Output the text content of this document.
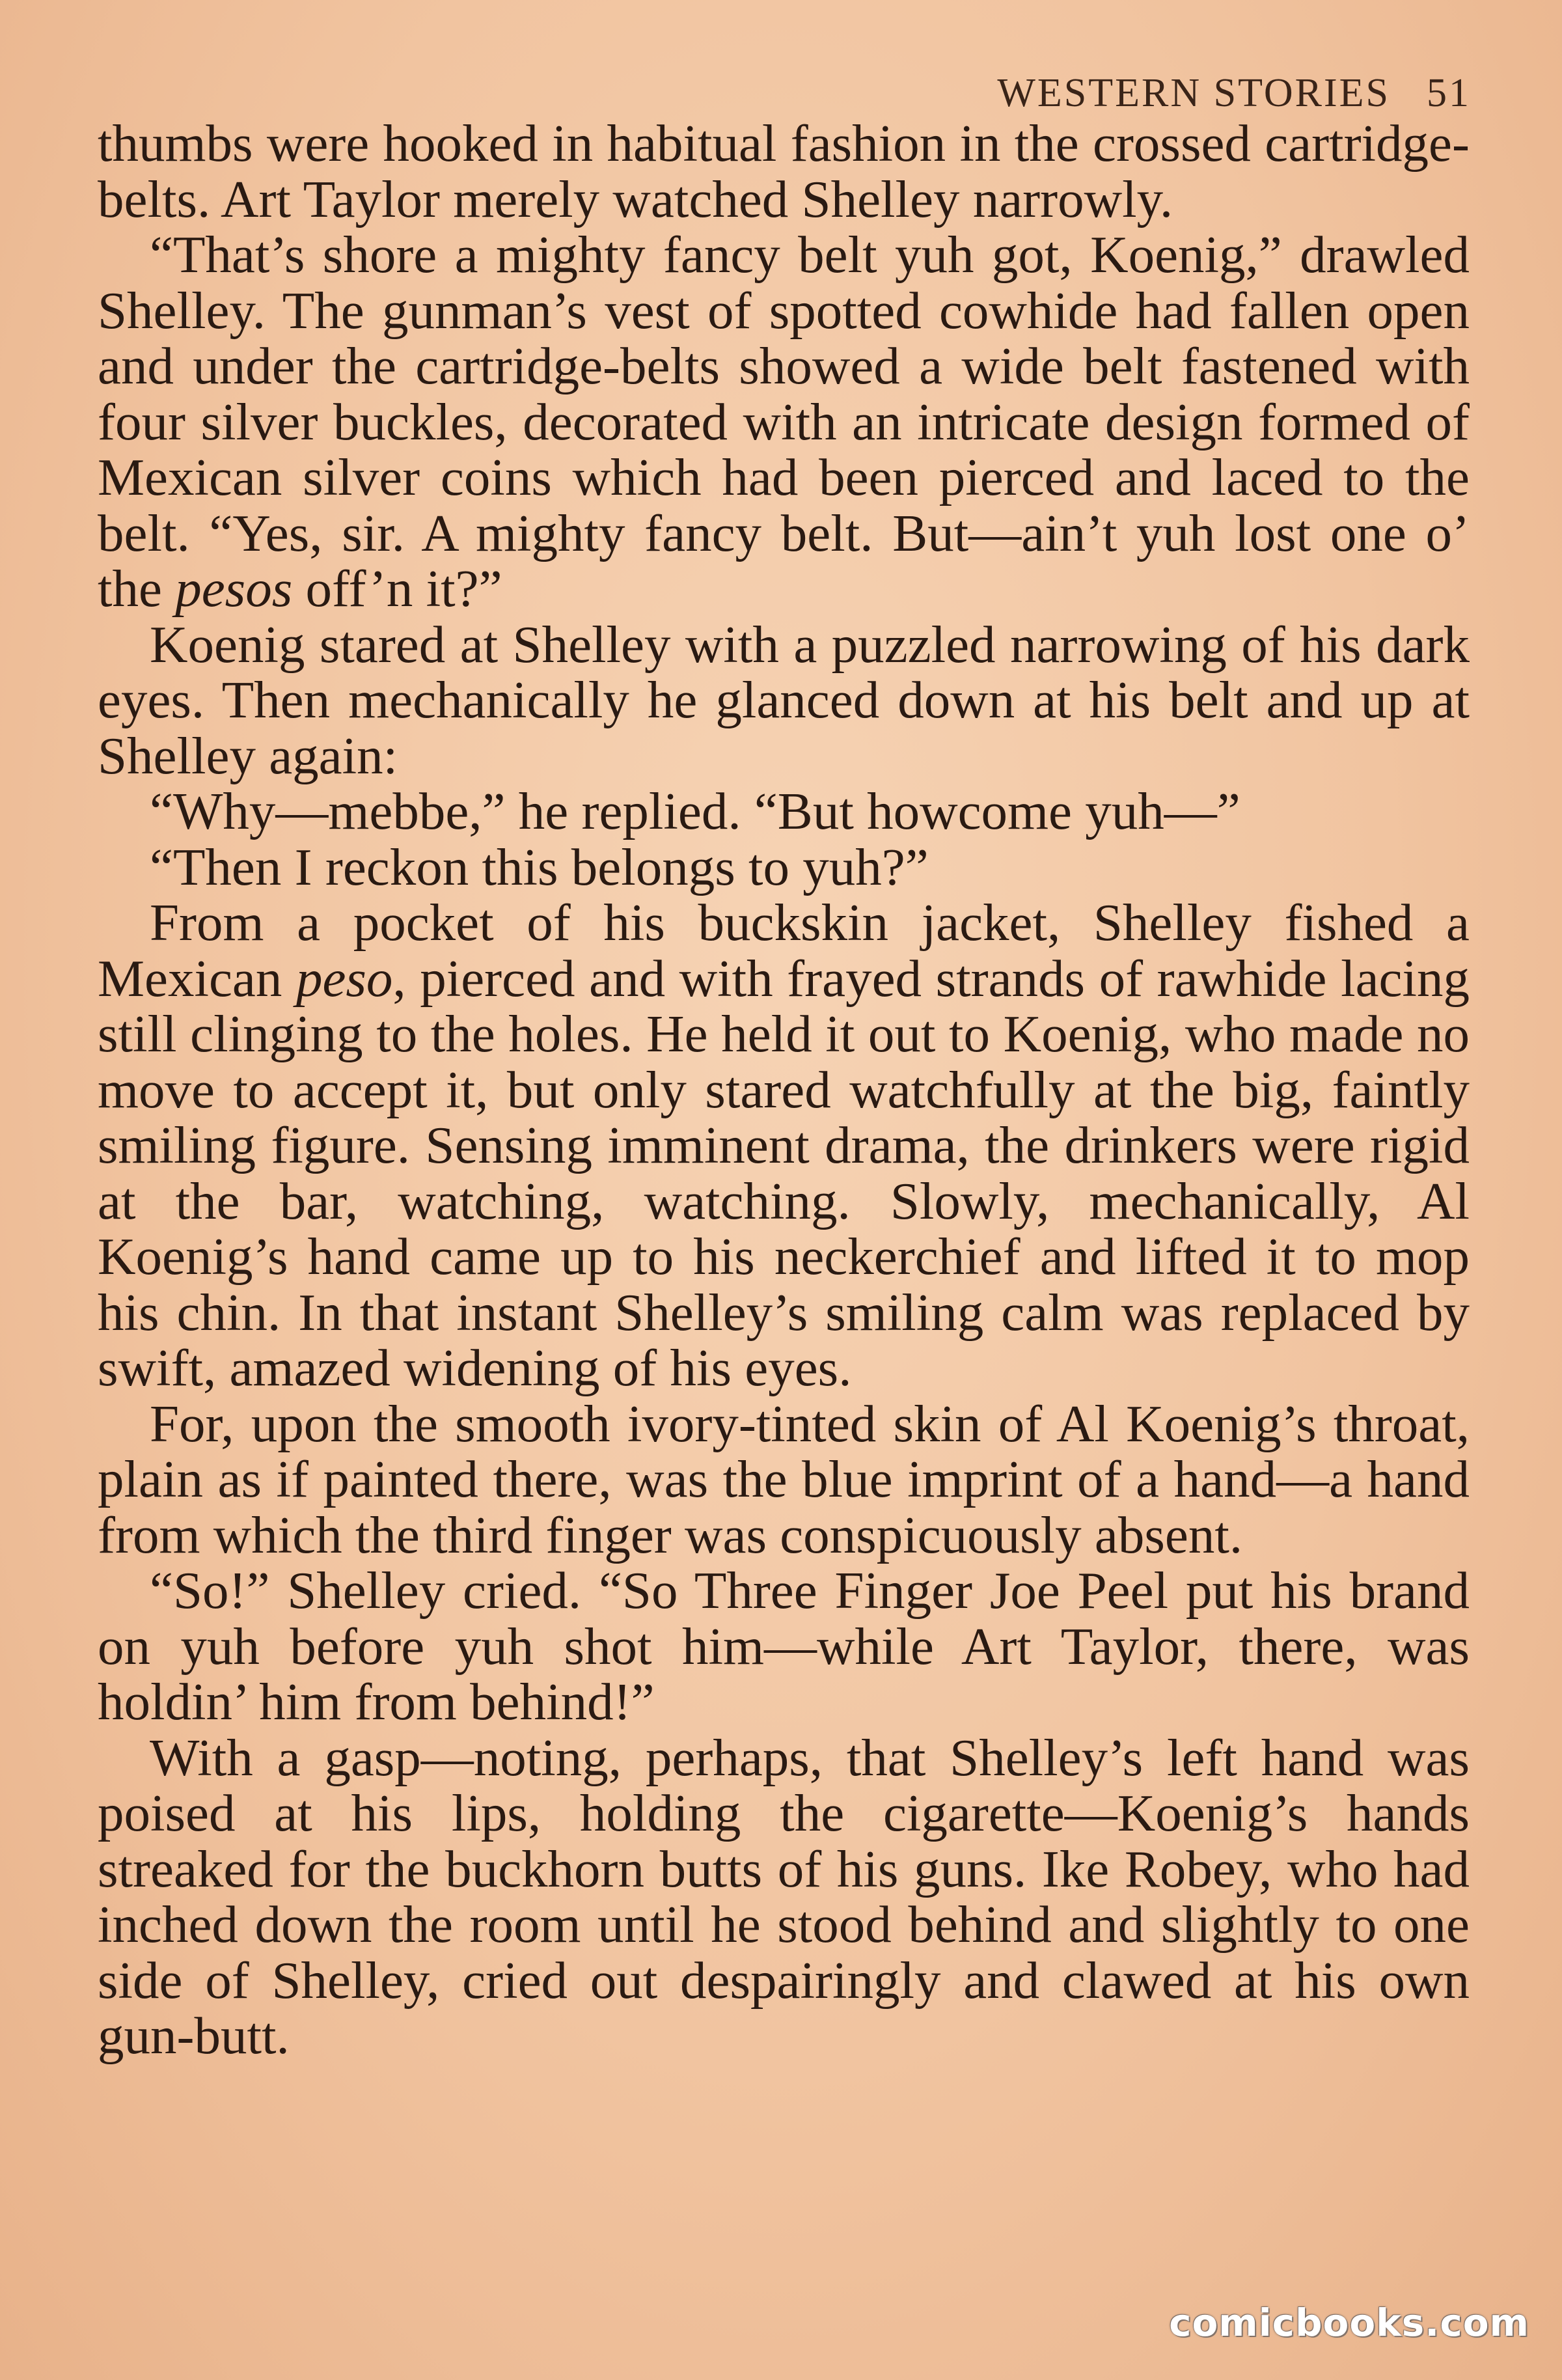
WESTERN STORIES 51

thumbs were hooked in habitual fashion in the crossed cartridge-belts. Art Taylor merely watched Shelley narrowly.

“That’s shore a mighty fancy belt yuh got, Koenig,” drawled Shelley. The gunman’s vest of spotted cowhide had fallen open and under the cartridge-belts showed a wide belt fastened with four silver buckles, decorated with an intricate design formed of Mexican silver coins which had been pierced and laced to the belt. “Yes, sir. A mighty fancy belt. But—ain’t yuh lost one o’ the pesos off’n it?”

Koenig stared at Shelley with a puzzled narrowing of his dark eyes. Then mechanically he glanced down at his belt and up at Shelley again:

“Why—mebbe,” he replied. “But howcome yuh—”

“Then I reckon this belongs to yuh?”

From a pocket of his buckskin jacket, Shelley fished a Mexican peso, pierced and with frayed strands of rawhide lacing still clinging to the holes. He held it out to Koenig, who made no move to accept it, but only stared watchfully at the big, faintly smiling figure. Sensing imminent drama, the drinkers were rigid at the bar, watching, watching. Slowly, mechanically, Al Koenig’s hand came up to his neckerchief and lifted it to mop his chin. In that instant Shelley’s smiling calm was replaced by swift, amazed widening of his eyes.

For, upon the smooth ivory-tinted skin of Al Koenig’s throat, plain as if painted there, was the blue imprint of a hand—a hand from which the third finger was conspicuously absent.

“So!” Shelley cried. “So Three Finger Joe Peel put his brand on yuh before yuh shot him—while Art Taylor, there, was holdin’ him from behind!”

With a gasp—noting, perhaps, that Shelley’s left hand was poised at his lips, holding the cigarette—Koenig’s hands streaked for the buckhorn butts of his guns. Ike Robey, who had inched down the room until he stood behind and slightly to one side of Shelley, cried out despairingly and clawed at his own gun-butt.

comicbooks.com
